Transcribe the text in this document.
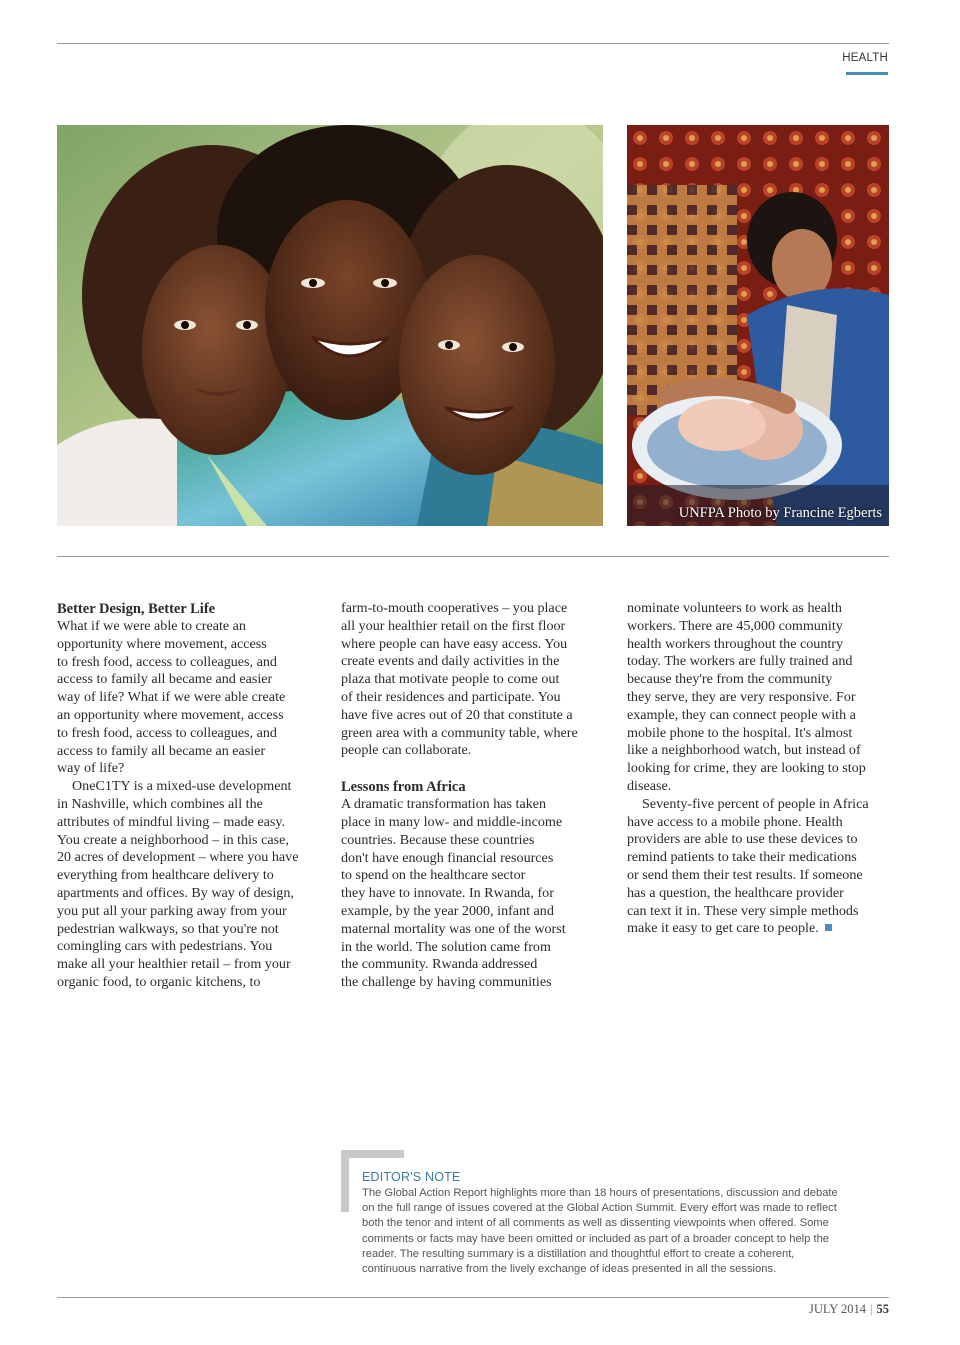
HEALTH
UNFPA Photo by Francine Egberts
Better Design, Better Life

What if we were able to create an
opportunity where movement, access
to fresh food, access to colleagues, and
access to family all became and easier
way of life? What if we were able create
an opportunity where movement, access
to fresh food, access to colleagues, and
access to family all became an easier
way of life?

OneC1TY is a mixed-use development
in Nashville, which combines all the
attributes of mindful living – made easy.
You create a neighborhood – in this case,
20 acres of development – where you have
everything from healthcare delivery to
apartments and offices. By way of design,
you put all your parking away from your
pedestrian walkways, so that you're not
comingling cars with pedestrians. You
make all your healthier retail – from your
organic food, to organic kitchens, to

farm-to-mouth cooperatives – you place
all your healthier retail on the first floor
where people can have easy access. You
create events and daily activities in the
plaza that motivate people to come out
of their residences and participate. You
have five acres out of 20 that constitute a
green area with a community table, where
people can collaborate.

Lessons from Africa

A dramatic transformation has taken
place in many low- and middle-income
countries. Because these countries
don't have enough financial resources
to spend on the healthcare sector
they have to innovate. In Rwanda, for
example, by the year 2000, infant and
maternal mortality was one of the worst
in the world. The solution came from
the community. Rwanda addressed
the challenge by having communities

nominate volunteers to work as health
workers. There are 45,000 community
health workers throughout the country
today. The workers are fully trained and
because they're from the community
they serve, they are very responsive. For
example, they can connect people with a
mobile phone to the hospital. It's almost
like a neighborhood watch, but instead of
looking for crime, they are looking to stop
disease.

Seventy-five percent of people in Africa
have access to a mobile phone. Health
providers are able to use these devices to
remind patients to take their medications
or send them their test results. If someone
has a question, the healthcare provider
can text it in. These very simple methods
make it easy to get care to people.

EDITOR'S NOTE
The Global Action Report highlights more than 18 hours of presentations, discussion and debate
on the full range of issues covered at the Global Action Summit. Every effort was made to reflect
both the tenor and intent of all comments as well as dissenting viewpoints when offered. Some
comments or facts may have been omitted or included as part of a broader concept to help the
reader. The resulting summary is a distillation and thoughtful effort to create a coherent,
continuous narrative from the lively exchange of ideas presented in all the sessions.
JULY 2014 | 55
